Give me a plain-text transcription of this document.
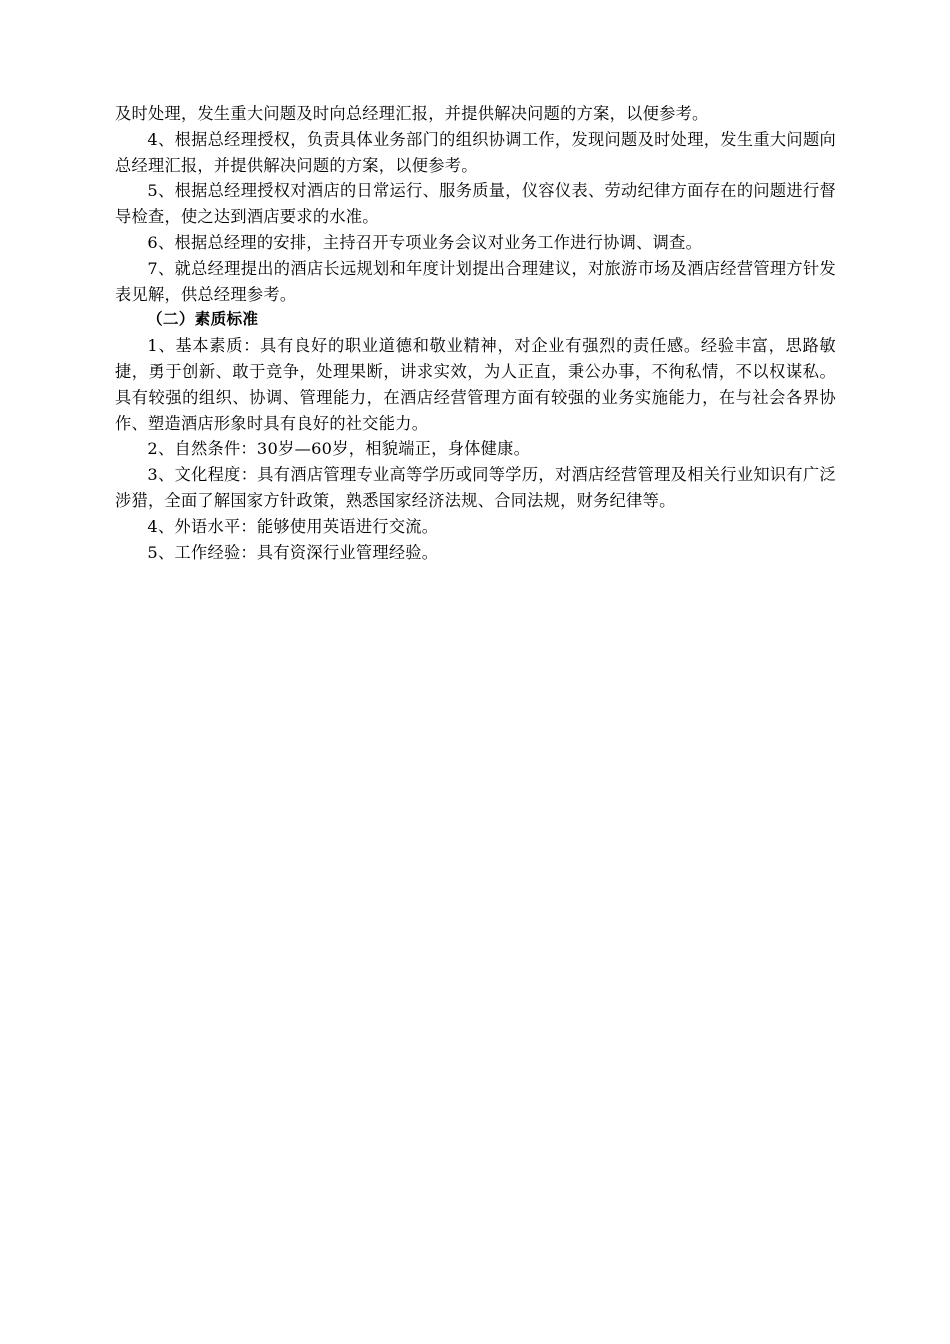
及时处理，发生重大问题及时向总经理汇报，并提供解决问题的方案，以便参考。

4、根据总经理授权，负责具体业务部门的组织协调工作，发现问题及时处理，发生重大问题向总经理汇报，并提供解决问题的方案，以便参考。

5、根据总经理授权对酒店的日常运行、服务质量，仪容仪表、劳动纪律方面存在的问题进行督导检查，使之达到酒店要求的水准。

6、根据总经理的安排，主持召开专项业务会议对业务工作进行协调、调查。

7、就总经理提出的酒店长远规划和年度计划提出合理建议，对旅游市场及酒店经营管理方针发表见解，供总经理参考。

（二）素质标准

1、基本素质：具有良好的职业道德和敬业精神，对企业有强烈的责任感。经验丰富，思路敏捷，勇于创新、敢于竞争，处理果断，讲求实效，为人正直，秉公办事，不徇私情，不以权谋私。具有较强的组织、协调、管理能力，在酒店经营管理方面有较强的业务实施能力，在与社会各界协作、塑造酒店形象时具有良好的社交能力。

2、自然条件：30岁—60岁，相貌端正，身体健康。

3、文化程度：具有酒店管理专业高等学历或同等学历，对酒店经营管理及相关行业知识有广泛涉猎，全面了解国家方针政策，熟悉国家经济法规、合同法规，财务纪律等。

4、外语水平：能够使用英语进行交流。

5、工作经验：具有资深行业管理经验。
